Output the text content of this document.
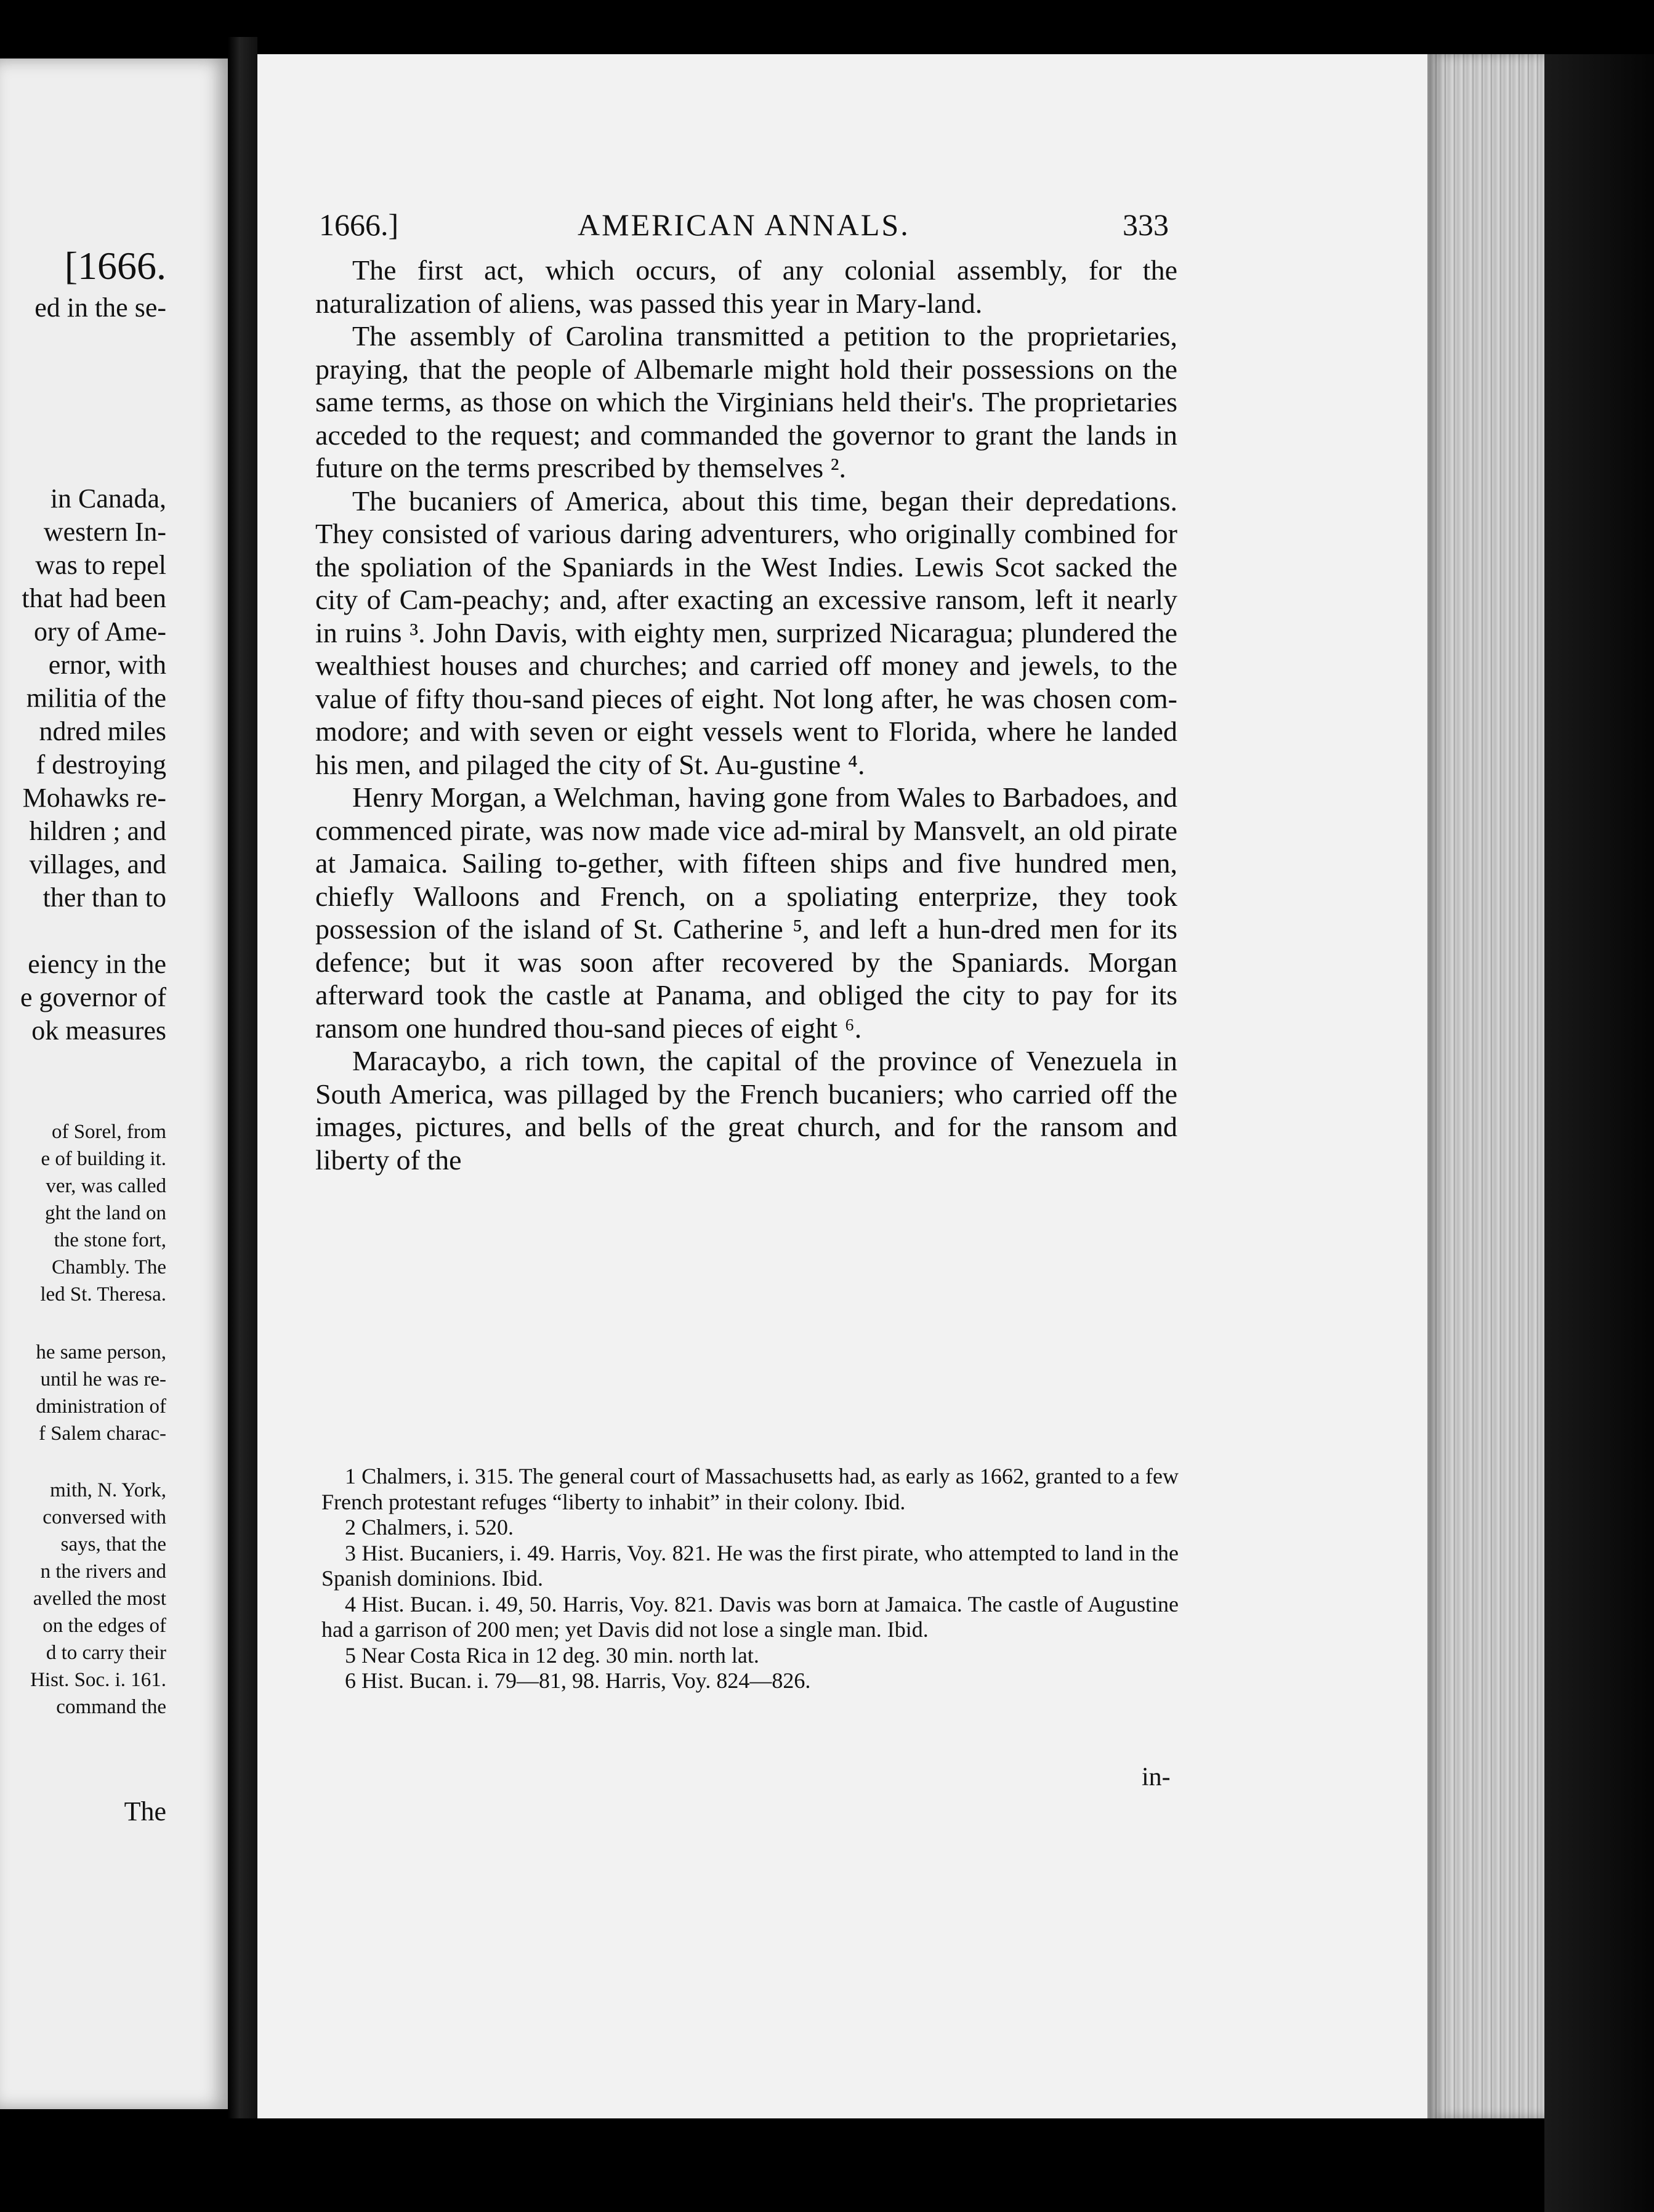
[1666.
ed in the se-
in Canada,
western In-
was to repel
that had been
ory of Ame-
ernor, with
militia of the
ndred miles
f destroying
Mohawks re-
hildren ; and
villages, and
ther than to
eiency in the
e governor of
ok measures
of Sorel, from
e of building it.
ver, was called
ght the land on
the stone fort,
Chambly. The
led St. Theresa.
he same person,
until he was re-
dministration of
f Salem charac-
mith, N. York,
conversed with
says, that the
n the rivers and
avelled the most
on the edges of
d to carry their
Hist. Soc. i. 161.
command the
The
1666.]	AMERICAN ANNALS.	333

The first act, which occurs, of any colonial assembly, for the naturalization of aliens, was passed this year in Mary-land.

The assembly of Carolina transmitted a petition to the proprietaries, praying, that the people of Albemarle might hold their possessions on the same terms, as those on which the Virginians held their's. The proprietaries acceded to the request; and commanded the governor to grant the lands in future on the terms prescribed by themselves ².

The bucaniers of America, about this time, began their depredations. They consisted of various daring adventurers, who originally combined for the spoliation of the Spaniards in the West Indies. Lewis Scot sacked the city of Cam-peachy; and, after exacting an excessive ransom, left it nearly in ruins ³. John Davis, with eighty men, surprized Nicaragua; plundered the wealthiest houses and churches; and carried off money and jewels, to the value of fifty thou-sand pieces of eight. Not long after, he was chosen com-modore; and with seven or eight vessels went to Florida, where he landed his men, and pilaged the city of St. Au-gustine ⁴.

Henry Morgan, a Welchman, having gone from Wales to Barbadoes, and commenced pirate, was now made vice ad-miral by Mansvelt, an old pirate at Jamaica. Sailing to-gether, with fifteen ships and five hundred men, chiefly Walloons and French, on a spoliating enterprize, they took possession of the island of St. Catherine ⁵, and left a hun-dred men for its defence; but it was soon after recovered by the Spaniards. Morgan afterward took the castle at Panama, and obliged the city to pay for its ransom one hundred thou-sand pieces of eight ⁶.

Maracaybo, a rich town, the capital of the province of Venezuela in South America, was pillaged by the French bucaniers; who carried off the images, pictures, and bells of the great church, and for the ransom and liberty of the

1 Chalmers, i. 315. The general court of Massachusetts had, as early as 1662, granted to a few French protestant refuges “liberty to inhabit” in their colony. Ibid.

2 Chalmers, i. 520.

3 Hist. Bucaniers, i. 49. Harris, Voy. 821. He was the first pirate, who attempted to land in the Spanish dominions. Ibid.

4 Hist. Bucan. i. 49, 50. Harris, Voy. 821. Davis was born at Jamaica. The castle of Augustine had a garrison of 200 men; yet Davis did not lose a single man. Ibid.

5 Near Costa Rica in 12 deg. 30 min. north lat.

6 Hist. Bucan. i. 79—81, 98. Harris, Voy. 824—826.

in-
